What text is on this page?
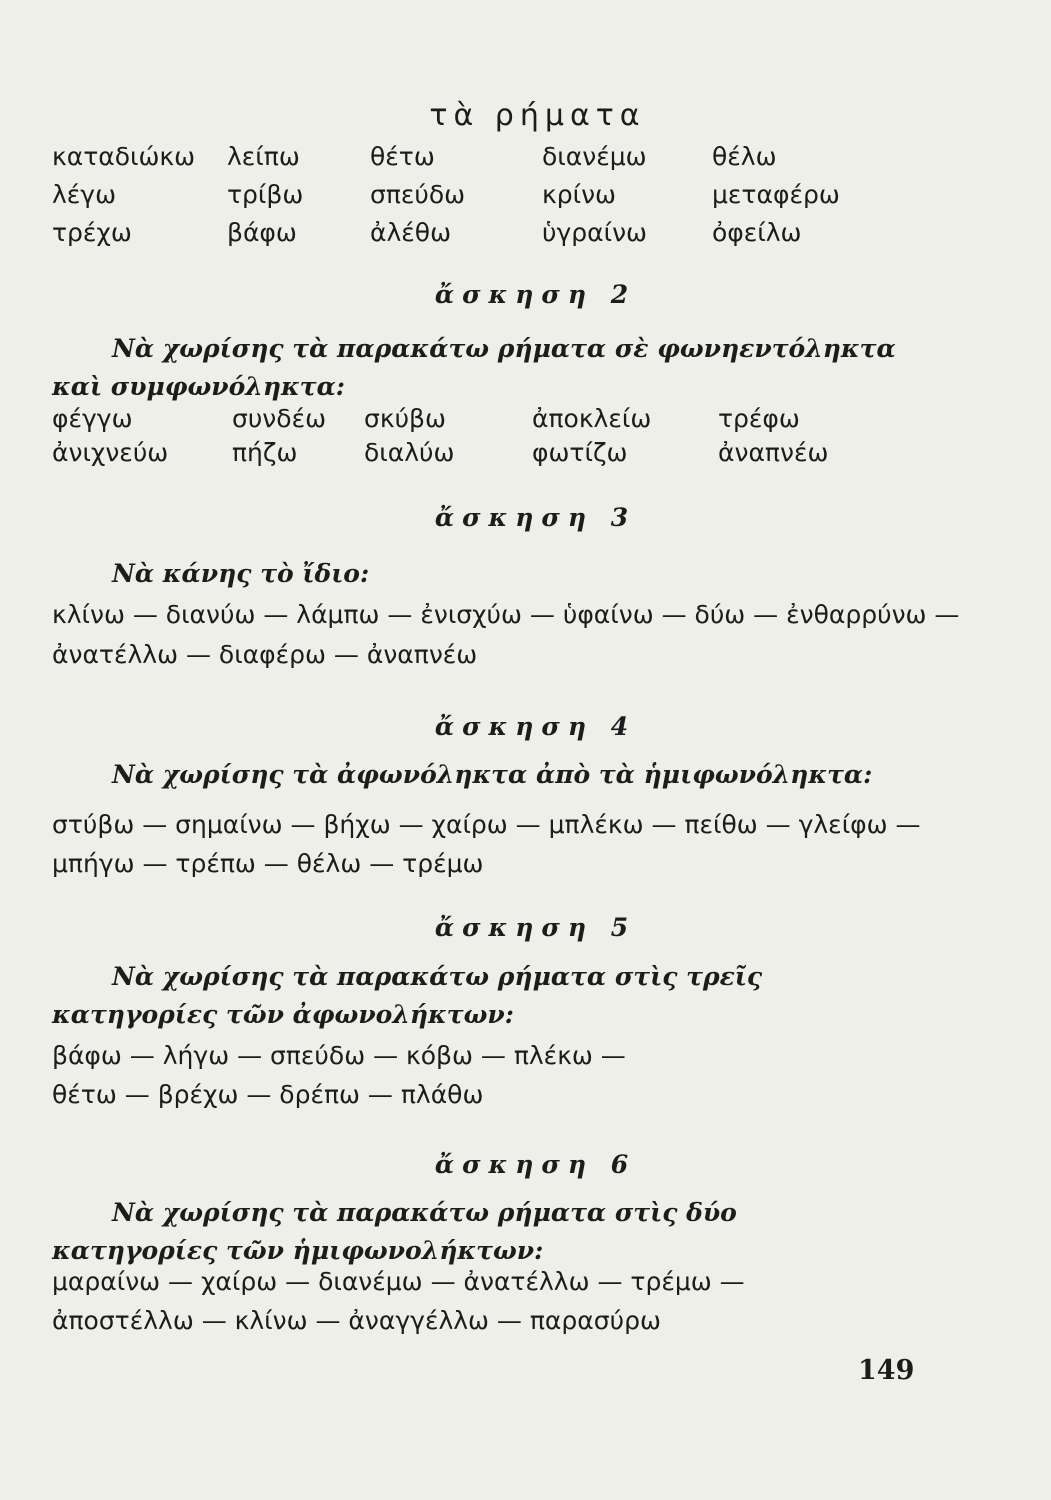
τὰ ρήματα
καταδιώκω
λέγω
τρέχω
λείπω
τρίβω
βάφω
θέτω
σπεύδω
ἀλέθω
διανέμω
κρίνω
ὑγραίνω
θέλω
μεταφέρω
ὀφείλω
ἄσκηση 2
Νὰ χωρίσης τὰ παρακάτω ρήματα σὲ φωνηεντόληκτα καὶ συμφωνόληκτα:
φέγγω
ἀνιχνεύω
συνδέω
πήζω
σκύβω
διαλύω
ἀποκλείω
φωτίζω
τρέφω
ἀναπνέω
ἄσκηση 3
Νὰ κάνης τὸ ἴδιο:
κλίνω — διανύω — λάμπω — ἐνισχύω — ὑφαίνω — δύω — ἐνθαρρύνω —
ἀνατέλλω — διαφέρω — ἀναπνέω
ἄσκηση 4
Νὰ χωρίσης τὰ ἀφωνόληκτα ἀπὸ τὰ ἡμιφωνόληκτα:
στύβω — σημαίνω — βήχω — χαίρω — μπλέκω — πείθω — γλείφω —
μπήγω — τρέπω — θέλω — τρέμω
ἄσκηση 5
Νὰ χωρίσης τὰ παρακάτω ρήματα στὶς τρεῖς κατηγορίες τῶν ἀφωνολήκτων:
βάφω — λήγω — σπεύδω — κόβω — πλέκω —
θέτω — βρέχω — δρέπω — πλάθω
ἄσκηση 6
Νὰ χωρίσης τὰ παρακάτω ρήματα στὶς δύο κατηγορίες τῶν ἡμιφωνολήκτων:
μαραίνω — χαίρω — διανέμω — ἀνατέλλω — τρέμω —
ἀποστέλλω — κλίνω — ἀναγγέλλω — παρασύρω
149
